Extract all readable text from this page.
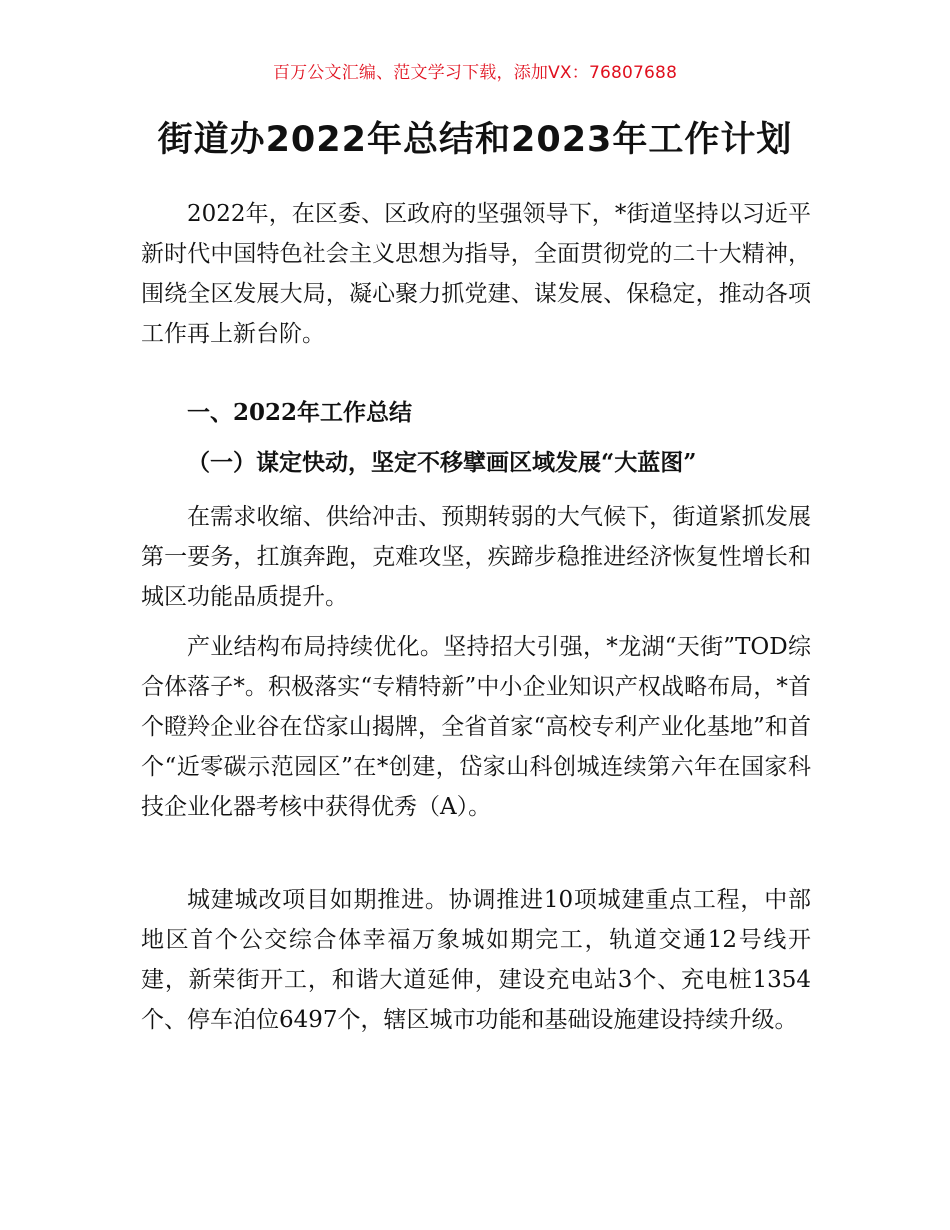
百万公文汇编、范文学习下载，添加VX：76807688
街道办2022年总结和2023年工作计划

2022年，在区委、区政府的坚强领导下，*街道坚持以习近平新时代中国特色社会主义思想为指导，全面贯彻党的二十大精神，围绕全区发展大局，凝心聚力抓党建、谋发展、保稳定，推动各项工作再上新台阶。

一、2022年工作总结

（一）谋定快动，坚定不移擘画区域发展“大蓝图”

在需求收缩、供给冲击、预期转弱的大气候下，街道紧抓发展第一要务，扛旗奔跑，克难攻坚，疾蹄步稳推进经济恢复性增长和城区功能品质提升。

产业结构布局持续优化。坚持招大引强，*龙湖“天街”TOD综合体落子*。积极落实“专精特新”中小企业知识产权战略布局，*首个瞪羚企业谷在岱家山揭牌，全省首家“高校专利产业化基地”和首个“近零碳示范园区”在*创建，岱家山科创城连续第六年在国家科技企业化器考核中获得优秀（A）。

城建城改项目如期推进。协调推进10项城建重点工程，中部地区首个公交综合体幸福万象城如期完工，轨道交通12号线开建，新荣街开工，和谐大道延伸，建设充电站3个、充电桩1354个、停车泊位6497个，辖区城市功能和基础设施建设持续升级。
